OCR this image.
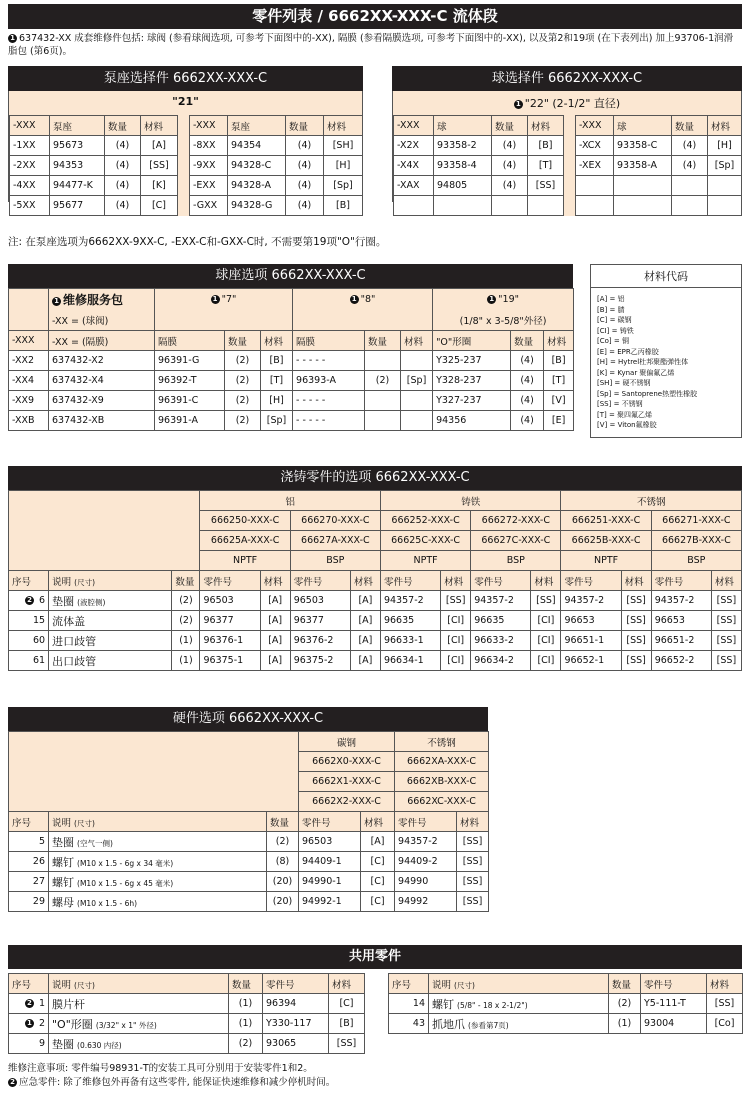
零件列表 / 6662XX-XXX-C 流体段
1 637432-XX 成套维修件包括: 球阀 (参看球阀选项, 可参考下面图中的-XX), 隔膜 (参看隔膜选项, 可参考下面图中的-XX), 以及第2和19项 (在下表列出) 加上93706-1润滑脂包 (第6页)。
泵座选择件 6662XX-XXX-C
"21"
-XXX	泵座	数量	材料		-XXX	泵座	数量	材料
-1XX	95673	(4)	[A]		-8XX	94354	(4)	[SH]
-2XX	94353	(4)	[SS]		-9XX	94328-C	(4)	[H]
-4XX	94477-K	(4)	[K]		-EXX	94328-A	(4)	[Sp]
-5XX	95677	(4)	[C]		-GXX	94328-G	(4)	[B]
球选择件 6662XX-XXX-C
1 "22" (2-1/2" 直径)
-XXX	球	数量	材料		-XXX	球	数量	材料
-X2X	93358-2	(4)	[B]		-XCX	93358-C	(4)	[H]
-X4X	93358-4	(4)	[T]		-XEX	93358-A	(4)	[Sp]
-XAX	94805	(4)	[SS]					

注: 在泵座选项为6662XX-9XX-C, -EXX-C和-GXX-C时, 不需要第19项"O"行圈。
球座选项 6662XX-XXX-C
	1 维修服务包	1 "7"			1 "8"			1 "19"		
	-XX = (球阀)							(1/8" x 3-5/8"外径)		
-XXX	-XX = (隔膜)	隔膜	数量	材料	隔膜	数量	材料	"O"形圈	数量	材料
-XX2	637432-X2	96391-G	(2)	[B]	- - - - -			Y325-237	(4)	[B]
-XX4	637432-X4	96392-T	(2)	[T]	96393-A	(2)	[Sp]	Y328-237	(4)	[T]
-XX9	637432-X9	96391-C	(2)	[H]	- - - - -			Y327-237	(4)	[V]
-XXB	637432-XB	96391-A	(2)	[Sp]	- - - - -			94356	(4)	[E]
材料代码
[A] = 铝
[B] = 腈
[C] = 碳钢
[CI] = 铸铁
[Co] = 铜
[E] = EPR乙丙橡胶
[H] = Hytrel杜邦聚酯弹性体
[K] = Kynar 聚偏氟乙烯
[SH] = 硬不锈钢
[Sp] = Santoprene热塑性橡胶
[SS] = 不锈钢
[T] = 聚四氟乙烯
[V] = Viton氟橡胶
浇铸零件的选项 6662XX-XXX-C
			铝				铸铁				不锈钢			
			666250-XXX-C		666270-XXX-C		666252-XXX-C		666272-XXX-C		666251-XXX-C		666271-XXX-C	
			66625A-XXX-C		66627A-XXX-C		66625C-XXX-C		66627C-XXX-C		66625B-XXX-C		66627B-XXX-C	
			NPTF		BSP		NPTF		BSP		NPTF		BSP	
序号	说明 (尺寸)	数量	零件号	材料	零件号	材料	零件号	材料	零件号	材料	零件号	材料	零件号	材料
2 6	垫圈 (液腔侧)	(2)	96503	[A]	96503	[A]	94357-2	[SS]	94357-2	[SS]	94357-2	[SS]	94357-2	[SS]
15	流体盖	(2)	96377	[A]	96377	[A]	96635	[CI]	96635	[CI]	96653	[SS]	96653	[SS]
60	进口歧管	(1)	96376-1	[A]	96376-2	[A]	96633-1	[CI]	96633-2	[CI]	96651-1	[SS]	96651-2	[SS]
61	出口歧管	(1)	96375-1	[A]	96375-2	[A]	96634-1	[CI]	96634-2	[CI]	96652-1	[SS]	96652-2	[SS]
硬件选项 6662XX-XXX-C
			碳钢		不锈钢	
			6662X0-XXX-C		6662XA-XXX-C	
			6662X1-XXX-C		6662XB-XXX-C	
			6662X2-XXX-C		6662XC-XXX-C	
序号	说明 (尺寸)	数量	零件号	材料	零件号	材料
5	垫圈 (空气一侧)	(2)	96503	[A]	94357-2	[SS]
26	螺钉 (M10 x 1.5 - 6g x 34 毫米)	(8)	94409-1	[C]	94409-2	[SS]
27	螺钉 (M10 x 1.5 - 6g x 45 毫米)	(20)	94990-1	[C]	94990	[SS]
29	螺母 (M10 x 1.5 - 6h)	(20)	94992-1	[C]	94992	[SS]
共用零件
序号	说明 (尺寸)	数量	零件号	材料
2 1	膜片杆	(1)	96394	[C]
1 2	"O"形圈 (3/32" x 1" 外径)	(1)	Y330-117	[B]
9	垫圈 (0.630 内径)	(2)	93065	[SS]
序号	说明 (尺寸)	数量	零件号	材料
14	螺钉 (5/8" - 18 x 2-1/2")	(2)	Y5-111-T	[SS]
43	抓地爪 (参看第7页)	(1)	93004	[Co]
维修注意事项: 零件编号98931-T的安装工具可分别用于安装零件1和2。
2 应急零件: 除了维修包外再备有这些零件, 能保证快速维修和减少停机时间。
